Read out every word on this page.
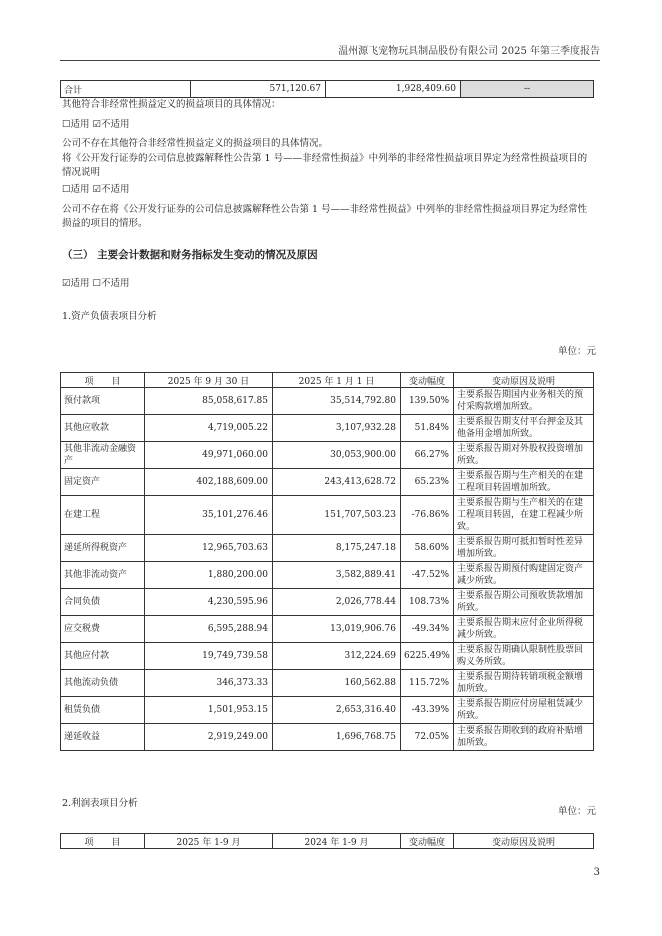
温州源飞宠物玩具制品股份有限公司 2025 年第三季度报告
合计	571,120.67	1,928,409.60	--
其他符合非经常性损益定义的损益项目的具体情况：
☐适用 ☑不适用
公司不存在其他符合非经常性损益定义的损益项目的具体情况。
将《公开发行证券的公司信息披露解释性公告第 1 号——非经常性损益》中列举的非经常性损益项目界定为经常性损益项目的情况说明
☐适用 ☑不适用
公司不存在将《公开发行证券的公司信息披露解释性公告第 1 号——非经常性损益》中列举的非经常性损益项目界定为经常性损益的项目的情形。
（三） 主要会计数据和财务指标发生变动的情况及原因
☑适用 ☐不适用
1.资产负债表项目分析
单位：元
项　　目	2025 年 9 月 30 日	2025 年 1 月 1 日	变动幅度	变动原因及说明
预付款项	85,058,617.85	35,514,792.80	139.50%	主要系报告期国内业务相关的预付采购款增加所致。
其他应收款	4,719,005.22	3,107,932.28	51.84%	主要系报告期支付平台押金及其他备用金增加所致。
其他非流动金融资产	49,971,060.00	30,053,900.00	66.27%	主要系报告期对外股权投资增加所致。
固定资产	402,188,609.00	243,413,628.72	65.23%	主要系报告期与生产相关的在建工程项目转固增加所致。
在建工程	35,101,276.46	151,707,503.23	-76.86%	主要系报告期与生产相关的在建工程项目转固，在建工程减少所致。
递延所得税资产	12,965,703.63	8,175,247.18	58.60%	主要系报告期可抵扣暂时性差异增加所致。
其他非流动资产	1,880,200.00	3,582,889.41	-47.52%	主要系报告期预付购建固定资产减少所致。
合同负债	4,230,595.96	2,026,778.44	108.73%	主要系报告期公司预收货款增加所致。
应交税费	6,595,288.94	13,019,906.76	-49.34%	主要系报告期末应付企业所得税减少所致。
其他应付款	19,749,739.58	312,224.69	6225.49%	主要系报告期确认限制性股票回购义务所致。
其他流动负债	346,373.33	160,562.88	115.72%	主要系报告期待转销项税金额增加所致。
租赁负债	1,501,953.15	2,653,316.40	-43.39%	主要系报告期应付房屋租赁减少所致。
递延收益	2,919,249.00	1,696,768.75	72.05%	主要系报告期收到的政府补贴增加所致。
2.利润表项目分析
单位：元
项　　目	2025 年 1-9 月	2024 年 1-9 月	变动幅度	变动原因及说明
3
